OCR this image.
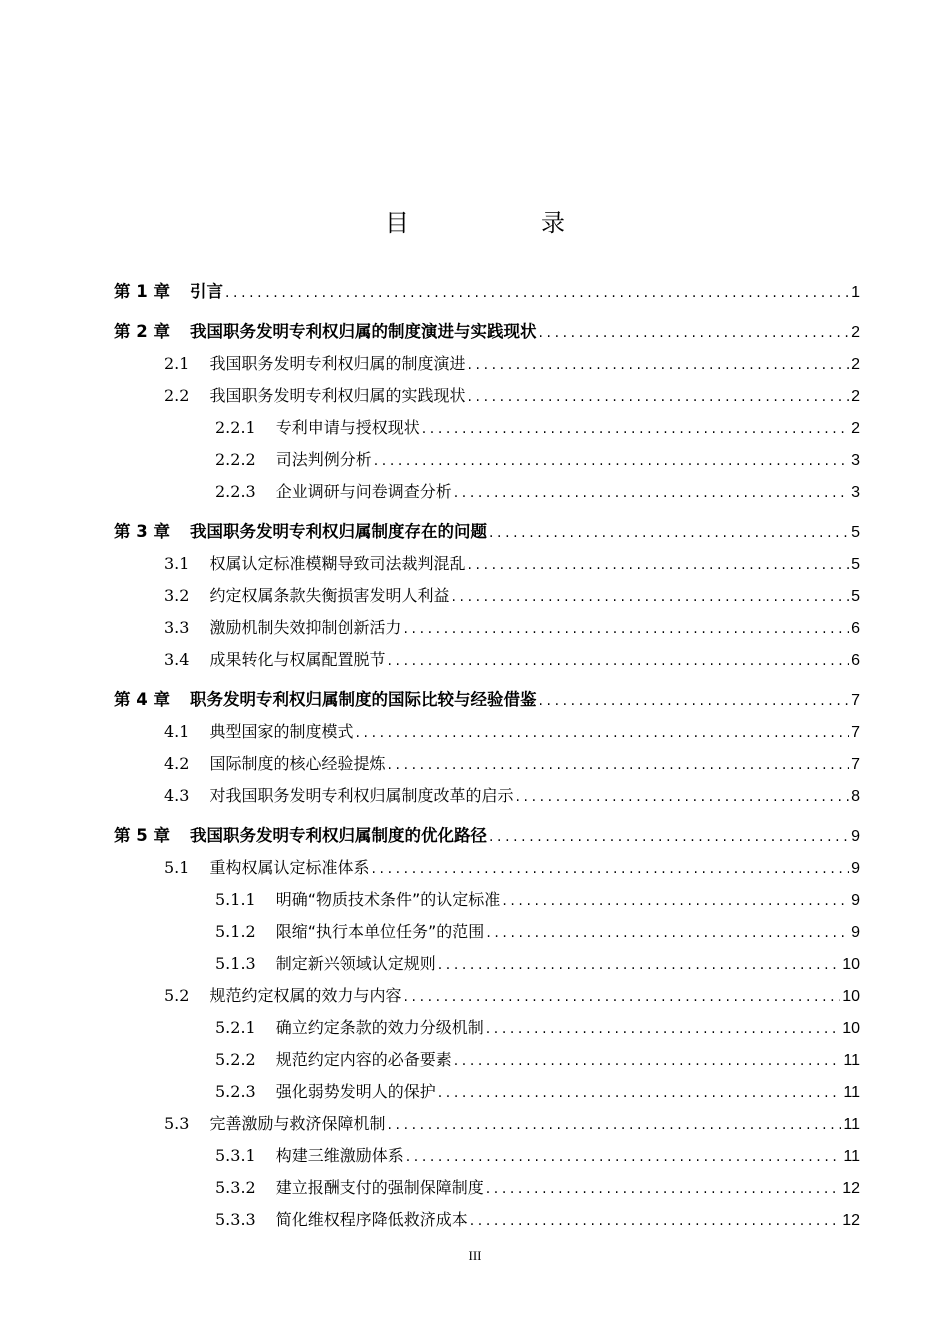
目　录
第 1 章 引言 .....	1
第 2 章 我国职务发明专利权归属的制度演进与实践现状 .....	2
2.1 我国职务发明专利权归属的制度演进 .....	2
2.2 我国职务发明专利权归属的实践现状 .....	2
2.2.1 专利申请与授权现状 .....	2
2.2.2 司法判例分析 .....	3
2.2.3 企业调研与问卷调查分析 .....	3
第 3 章 我国职务发明专利权归属制度存在的问题 .....	5
3.1 权属认定标准模糊导致司法裁判混乱 .....	5
3.2 约定权属条款失衡损害发明人利益 .....	5
3.3 激励机制失效抑制创新活力 .....	6
3.4 成果转化与权属配置脱节 .....	6
第 4 章 职务发明专利权归属制度的国际比较与经验借鉴 .....	7
4.1 典型国家的制度模式 .....	7
4.2 国际制度的核心经验提炼 .....	7
4.3 对我国职务发明专利权归属制度改革的启示 .....	8
第 5 章 我国职务发明专利权归属制度的优化路径 .....	9
5.1 重构权属认定标准体系 .....	9
5.1.1 明确“物质技术条件”的认定标准 .....	9
5.1.2 限缩“执行本单位任务”的范围 .....	9
5.1.3 制定新兴领域认定规则 .....	10
5.2 规范约定权属的效力与内容 .....	10
5.2.1 确立约定条款的效力分级机制 .....	10
5.2.2 规范约定内容的必备要素 .....	11
5.2.3 强化弱势发明人的保护 .....	11
5.3 完善激励与救济保障机制 .....	11
5.3.1 构建三维激励体系 .....	11
5.3.2 建立报酬支付的强制保障制度 .....	12
5.3.3 简化维权程序降低救济成本 .....	12
III
